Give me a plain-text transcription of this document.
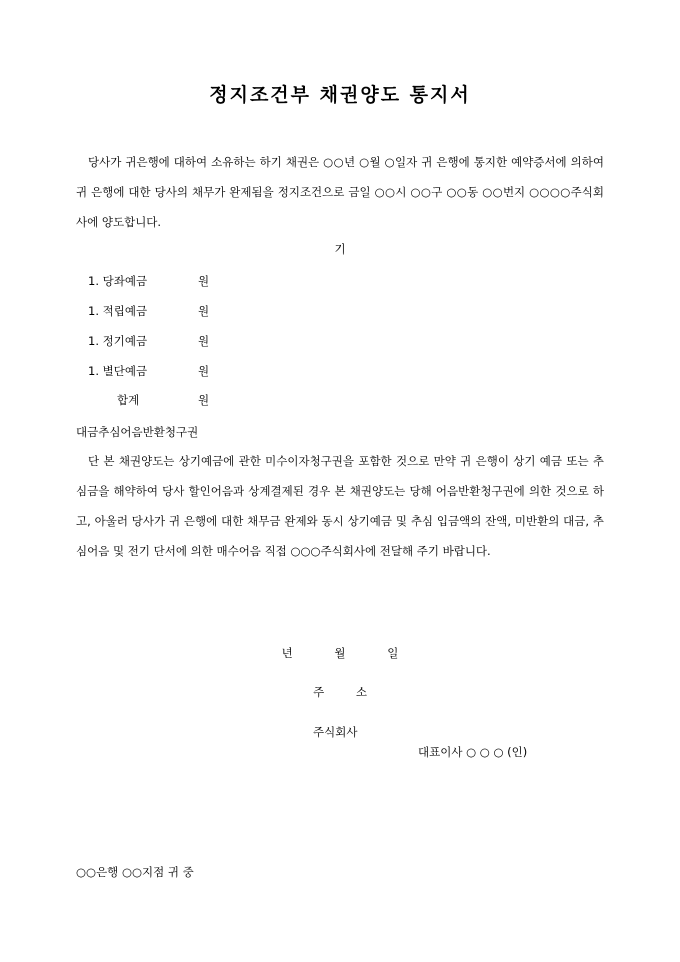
정지조건부 채권양도 통지서
당사가 귀은행에 대하여 소유하는 하기 채권은 ○○년 ○월 ○일자 귀 은행에 통지한 예약증서에 의하여 귀 은행에 대한 당사의 채무가 완제됨을 정지조건으로 금일 ○○시 ○○구 ○○동 ○○번지 ○○○○주식회사에 양도합니다.
기
1. 당좌예금	원
1. 적립예금	원
1. 정기예금	원
1. 별단예금	원
합계	원
대금추심어음반환청구권
단 본 채권양도는 상기예금에 관한 미수이자청구권을 포함한 것으로 만약 귀 은행이 상기 예금 또는 추심금을 해약하여 당사 할인어음과 상계결제된 경우 본 채권양도는 당해 어음반환청구권에 의한 것으로 하고, 아울러 당사가 귀 은행에 대한 채무금 완제와 동시 상기예금 및 추심 입금액의 잔액, 미반환의 대금, 추심어음 및 전기 단서에 의한 매수어음 직접 ○○○주식회사에 전달해 주기 바랍니다.
년 월 일
주 소
주식회사
대표이사 ○ ○ ○ (인)
○○은행 ○○지점 귀 중
